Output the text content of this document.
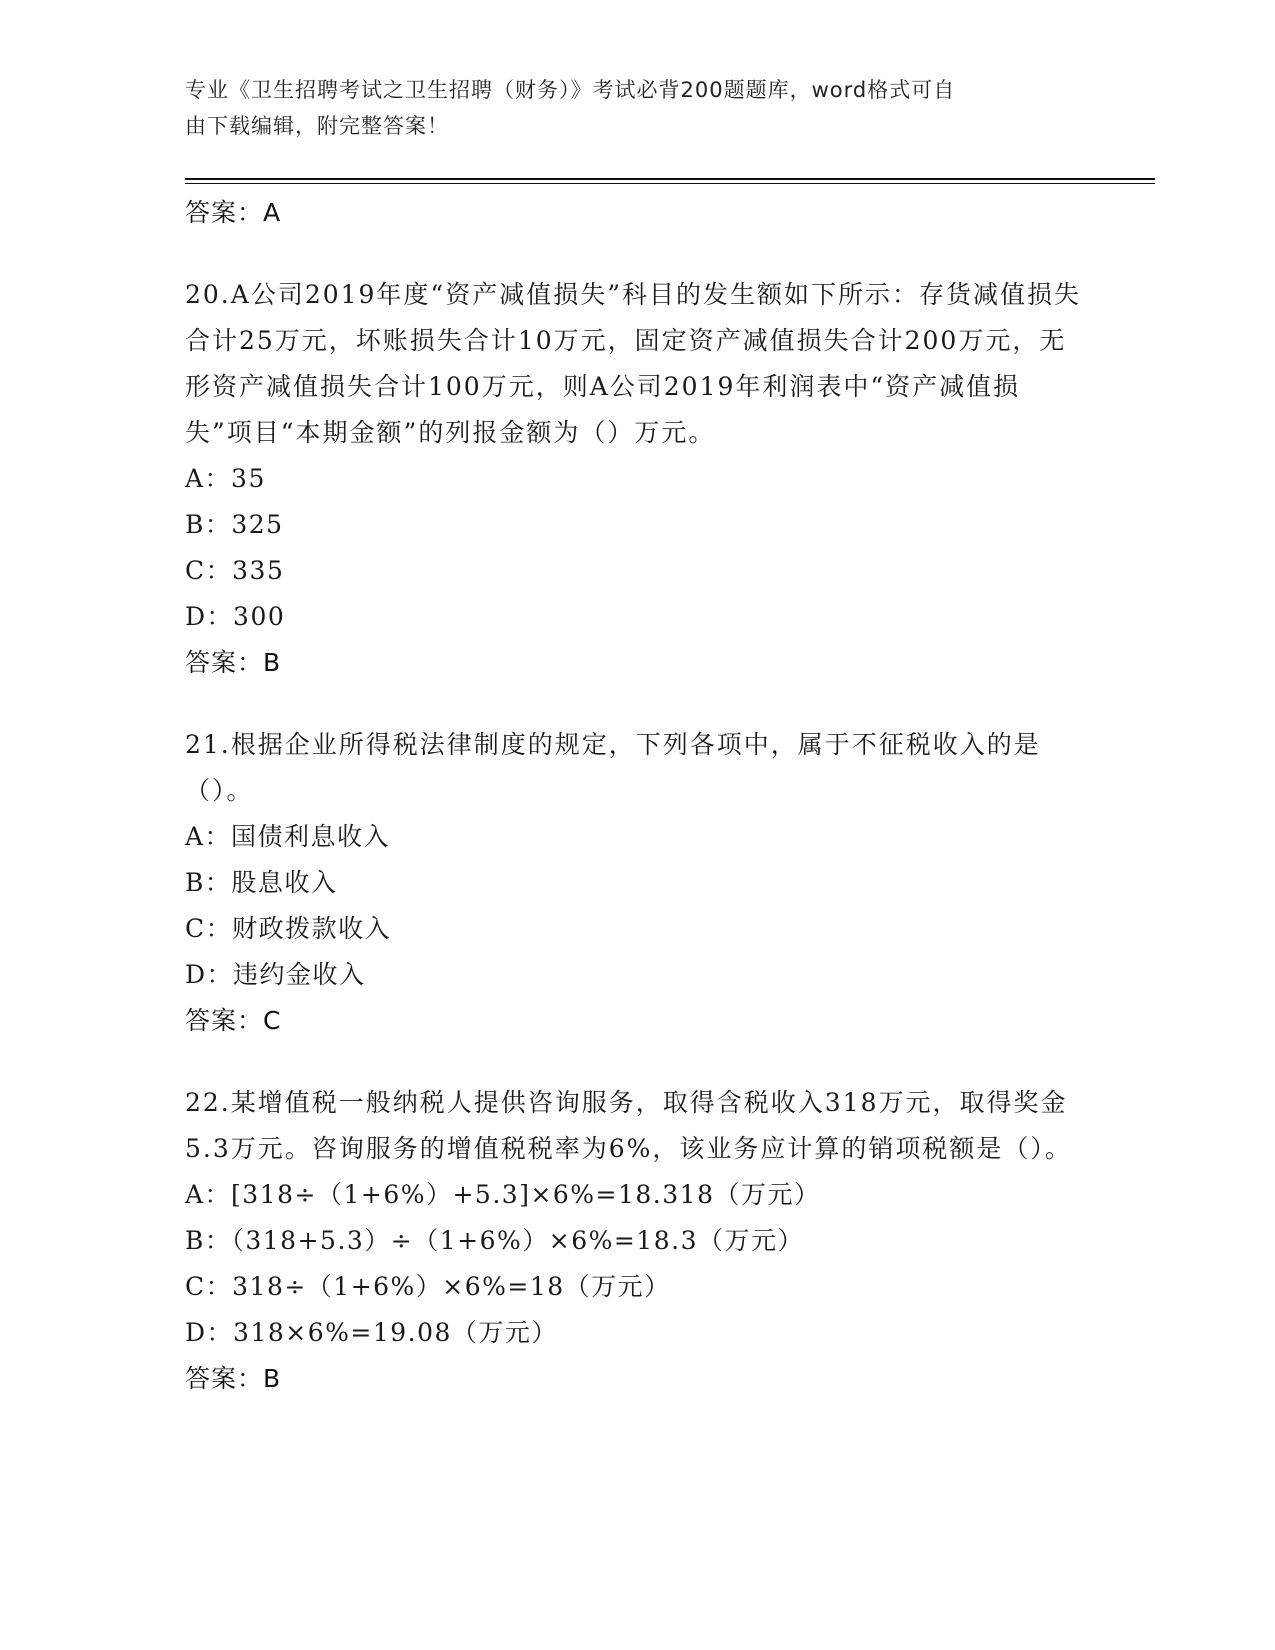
专业《卫生招聘考试之卫生招聘（财务）》考试必背200题题库，word格式可自
由下载编辑，附完整答案！
答案：A

20.A公司2019年度“资产减值损失”科目的发生额如下所示：存货减值损失合计25万元，坏账损失合计10万元，固定资产减值损失合计200万元，无形资产减值损失合计100万元，则A公司2019年利润表中“资产减值损失”项目“本期金额”的列报金额为（）万元。

A：35

B：325

C：335

D：300

答案：B

21.根据企业所得税法律制度的规定，下列各项中，属于不征税收入的是（）。

A：国债利息收入

B：股息收入

C：财政拨款收入

D：违约金收入

答案：C

22.某增值税一般纳税人提供咨询服务，取得含税收入318万元，取得奖金5.3万元。咨询服务的增值税税率为6%，该业务应计算的销项税额是（）。

A：[318÷（1+6%）+5.3]×6%=18.318（万元）

B：（318+5.3）÷（1+6%）×6%=18.3（万元）

C：318÷（1+6%）×6%=18（万元）

D：318×6%=19.08（万元）

答案：B
